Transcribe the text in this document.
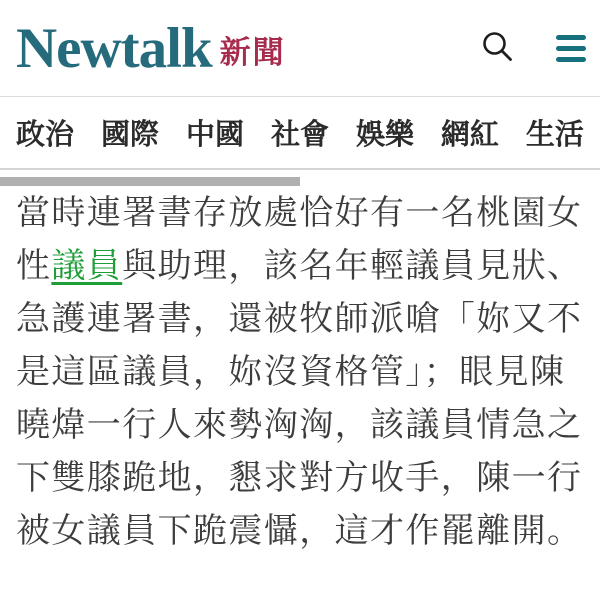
Newtalk 新聞
政治 國際 中國 社會 娛樂 網紅 生活

當時連署書存放處恰好有一名桃園女性議員與助理，該名年輕議員見狀、急護連署書，還被牧師派嗆「妳又不是這區議員，妳沒資格管」；眼見陳曉煒一行人來勢洶洶，該議員情急之下雙膝跪地，懇求對方收手，陳一行被女議員下跪震懾，這才作罷離開。
